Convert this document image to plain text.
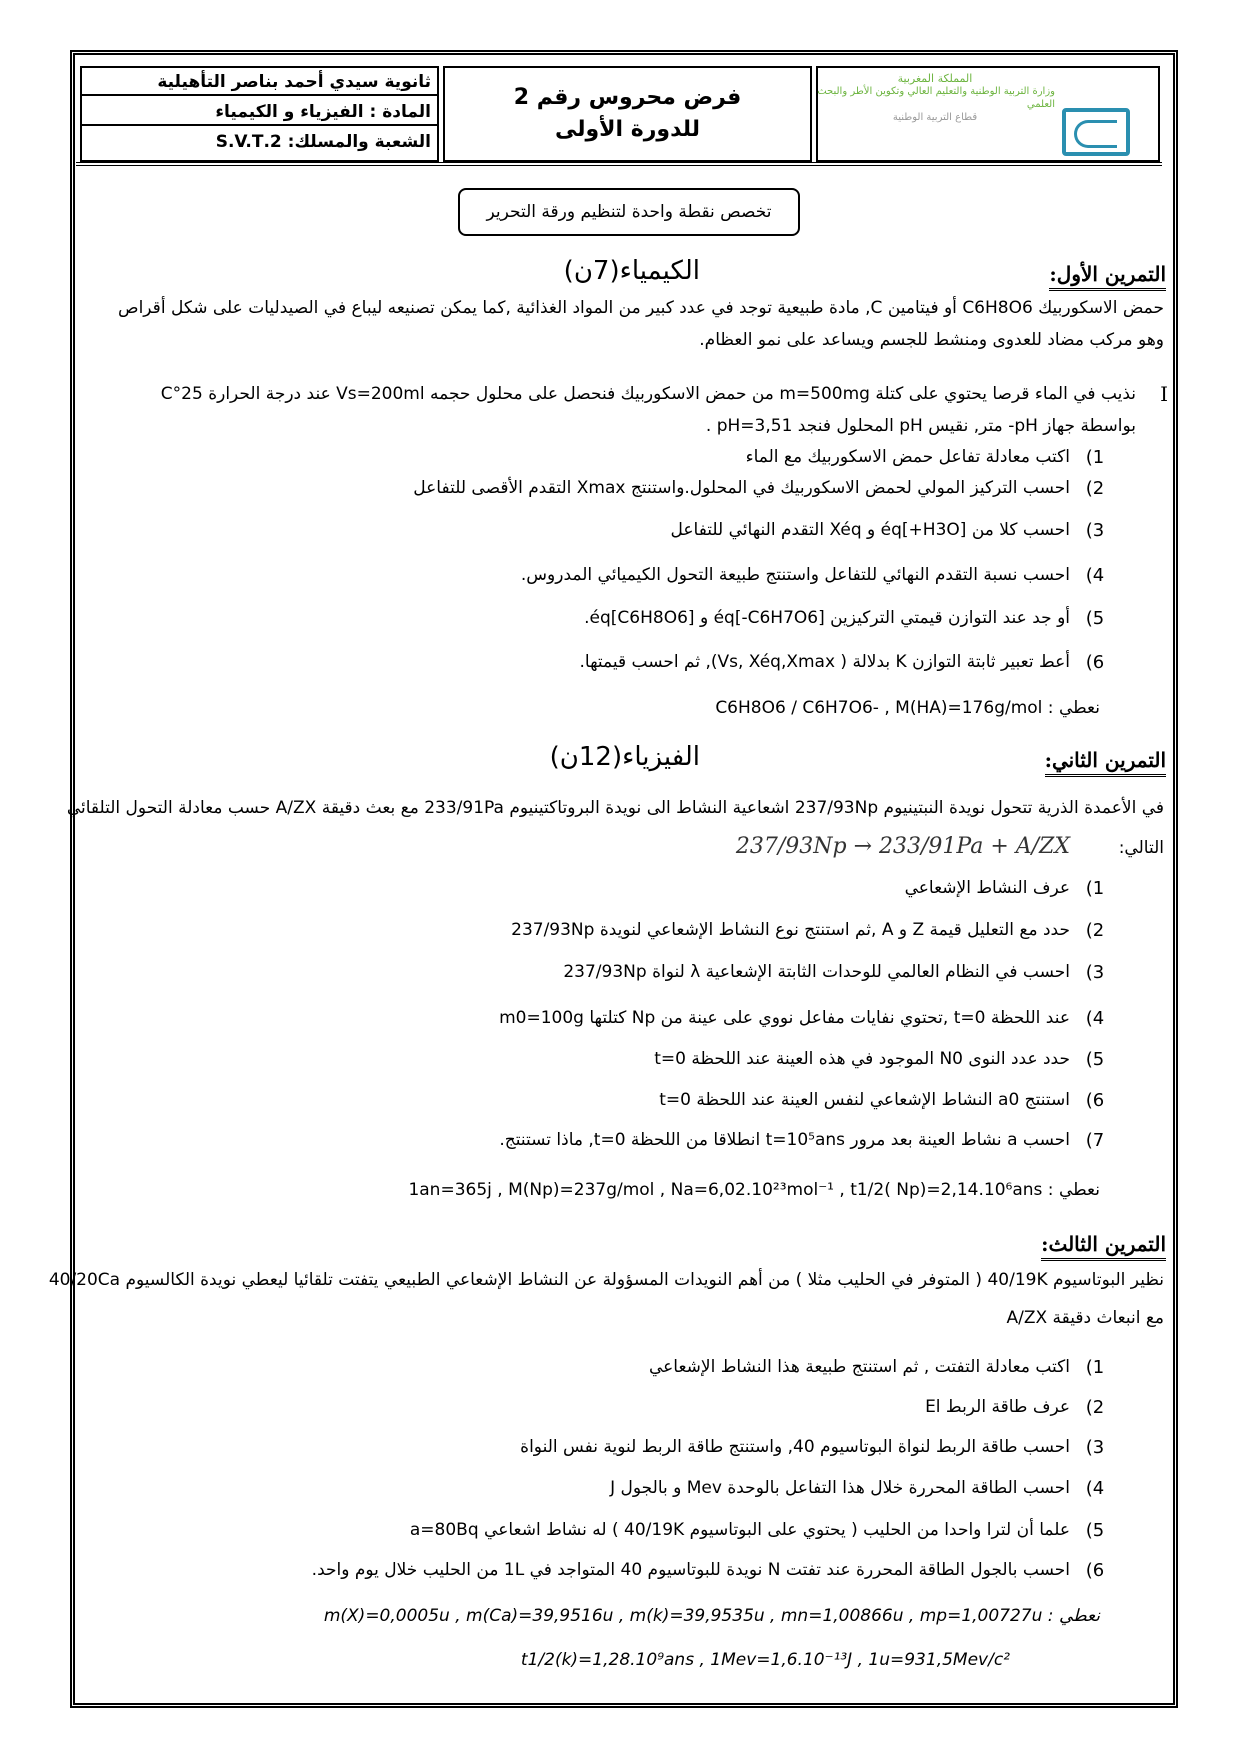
ثانوية سيدي أحمد بناصر التأهيلية
المادة : الفيزياء و الكيمياء
الشعبة والمسلك: 2.S.V.T
فرض محروس رقم 2
للدورة الأولى
المملكة المغربية
وزارة التربية الوطنية والتعليم العالي وتكوين الأطر والبحث العلمي
قطاع التربية الوطنية
تخصص نقطة واحدة لتنظيم ورقة التحرير
التمرين الأول:
الكيمياء(7ن)
حمض الاسكوربيك C6H8O6 أو فيتامين C, مادة طبيعية توجد في عدد كبير من المواد الغذائية ,كما يمكن تصنيعه ليباع في الصيدليات على شكل أقراص
وهو مركب مضاد للعدوى ومنشط للجسم ويساعد على نمو العظام.
I
نذيب في الماء قرصا يحتوي على كتلة m=500mg من حمض الاسكوربيك فنحصل على محلول حجمه Vs=200ml عند درجة الحرارة 25°C
بواسطة جهاز pH- متر, نقيس pH المحلول فنجد pH=3,51 .
(1
اكتب معادلة تفاعل حمض الاسكوربيك مع الماء
(2
احسب التركيز المولي لحمض الاسكوربيك في المحلول.واستنتج Xmax التقدم الأقصى للتفاعل
(3
احسب كلا من [H3O+]éq و Xéq التقدم النهائي للتفاعل
(4
احسب نسبة التقدم النهائي للتفاعل واستنتج طبيعة التحول الكيميائي المدروس.
(5
أو جد عند التوازن قيمتي التركيزين [C6H7O6-]éq و [C6H8O6]éq.
(6
أعط تعبير ثابتة التوازن K بدلالة ( Vs, Xéq,Xmax), ثم احسب قيمتها.
نعطي : C6H8O6 / C6H7O6- , M(HA)=176g/mol
التمرين الثاني:
الفيزياء(12ن)
في الأعمدة الذرية تتحول نويدة النبتينيوم 237/93Np اشعاعية النشاط الى نويدة البروتاكتينيوم 233/91Pa مع بعث دقيقة A/ZX حسب معادلة التحول التلقائي
التالي:
237/93Np → 233/91Pa + A/ZX
(1
عرف النشاط الإشعاعي
(2
حدد مع التعليل قيمة Z و A ,ثم استنتج نوع النشاط الإشعاعي لنويدة 237/93Np
(3
احسب في النظام العالمي للوحدات الثابتة الإشعاعية λ لنواة 237/93Np
(4
عند اللحظة t=0 ,تحتوي نفايات مفاعل نووي على عينة من Np كتلتها m0=100g
(5
حدد عدد النوى N0 الموجود في هذه العينة عند اللحظة t=0
(6
استنتج a0 النشاط الإشعاعي لنفس العينة عند اللحظة t=0
(7
احسب a نشاط العينة بعد مرور t=10⁵ans انطلاقا من اللحظة t=0, ماذا تستنتج.
نعطي : 1an=365j , M(Np)=237g/mol , Na=6,02.10²³mol⁻¹ , t1/2( Np)=2,14.10⁶ans
التمرين الثالث:
نظير البوتاسيوم 40/19K ( المتوفر في الحليب مثلا ) من أهم النويدات المسؤولة عن النشاط الإشعاعي الطبيعي يتفتت تلقائيا ليعطي نويدة الكالسيوم 40/20Ca
مع انبعاث دقيقة A/ZX
(1
اكتب معادلة التفتت , ثم استنتج طبيعة هذا النشاط الإشعاعي
(2
عرف طاقة الربط El
(3
احسب طاقة الربط لنواة البوتاسيوم 40, واستنتج طاقة الربط لنوية نفس النواة
(4
احسب الطاقة المحررة خلال هذا التفاعل بالوحدة Mev و بالجول J
(5
علما أن لترا واحدا من الحليب ( يحتوي على البوتاسيوم 40/19K ) له نشاط اشعاعي a=80Bq
(6
احسب بالجول الطاقة المحررة عند تفتت N نويدة للبوتاسيوم 40 المتواجد في 1L من الحليب خلال يوم واحد.
نعطي : m(X)=0,0005u , m(Ca)=39,9516u , m(k)=39,9535u , mn=1,00866u , mp=1,00727u
t1/2(k)=1,28.10⁹ans , 1Mev=1,6.10⁻¹³J , 1u=931,5Mev/c²
